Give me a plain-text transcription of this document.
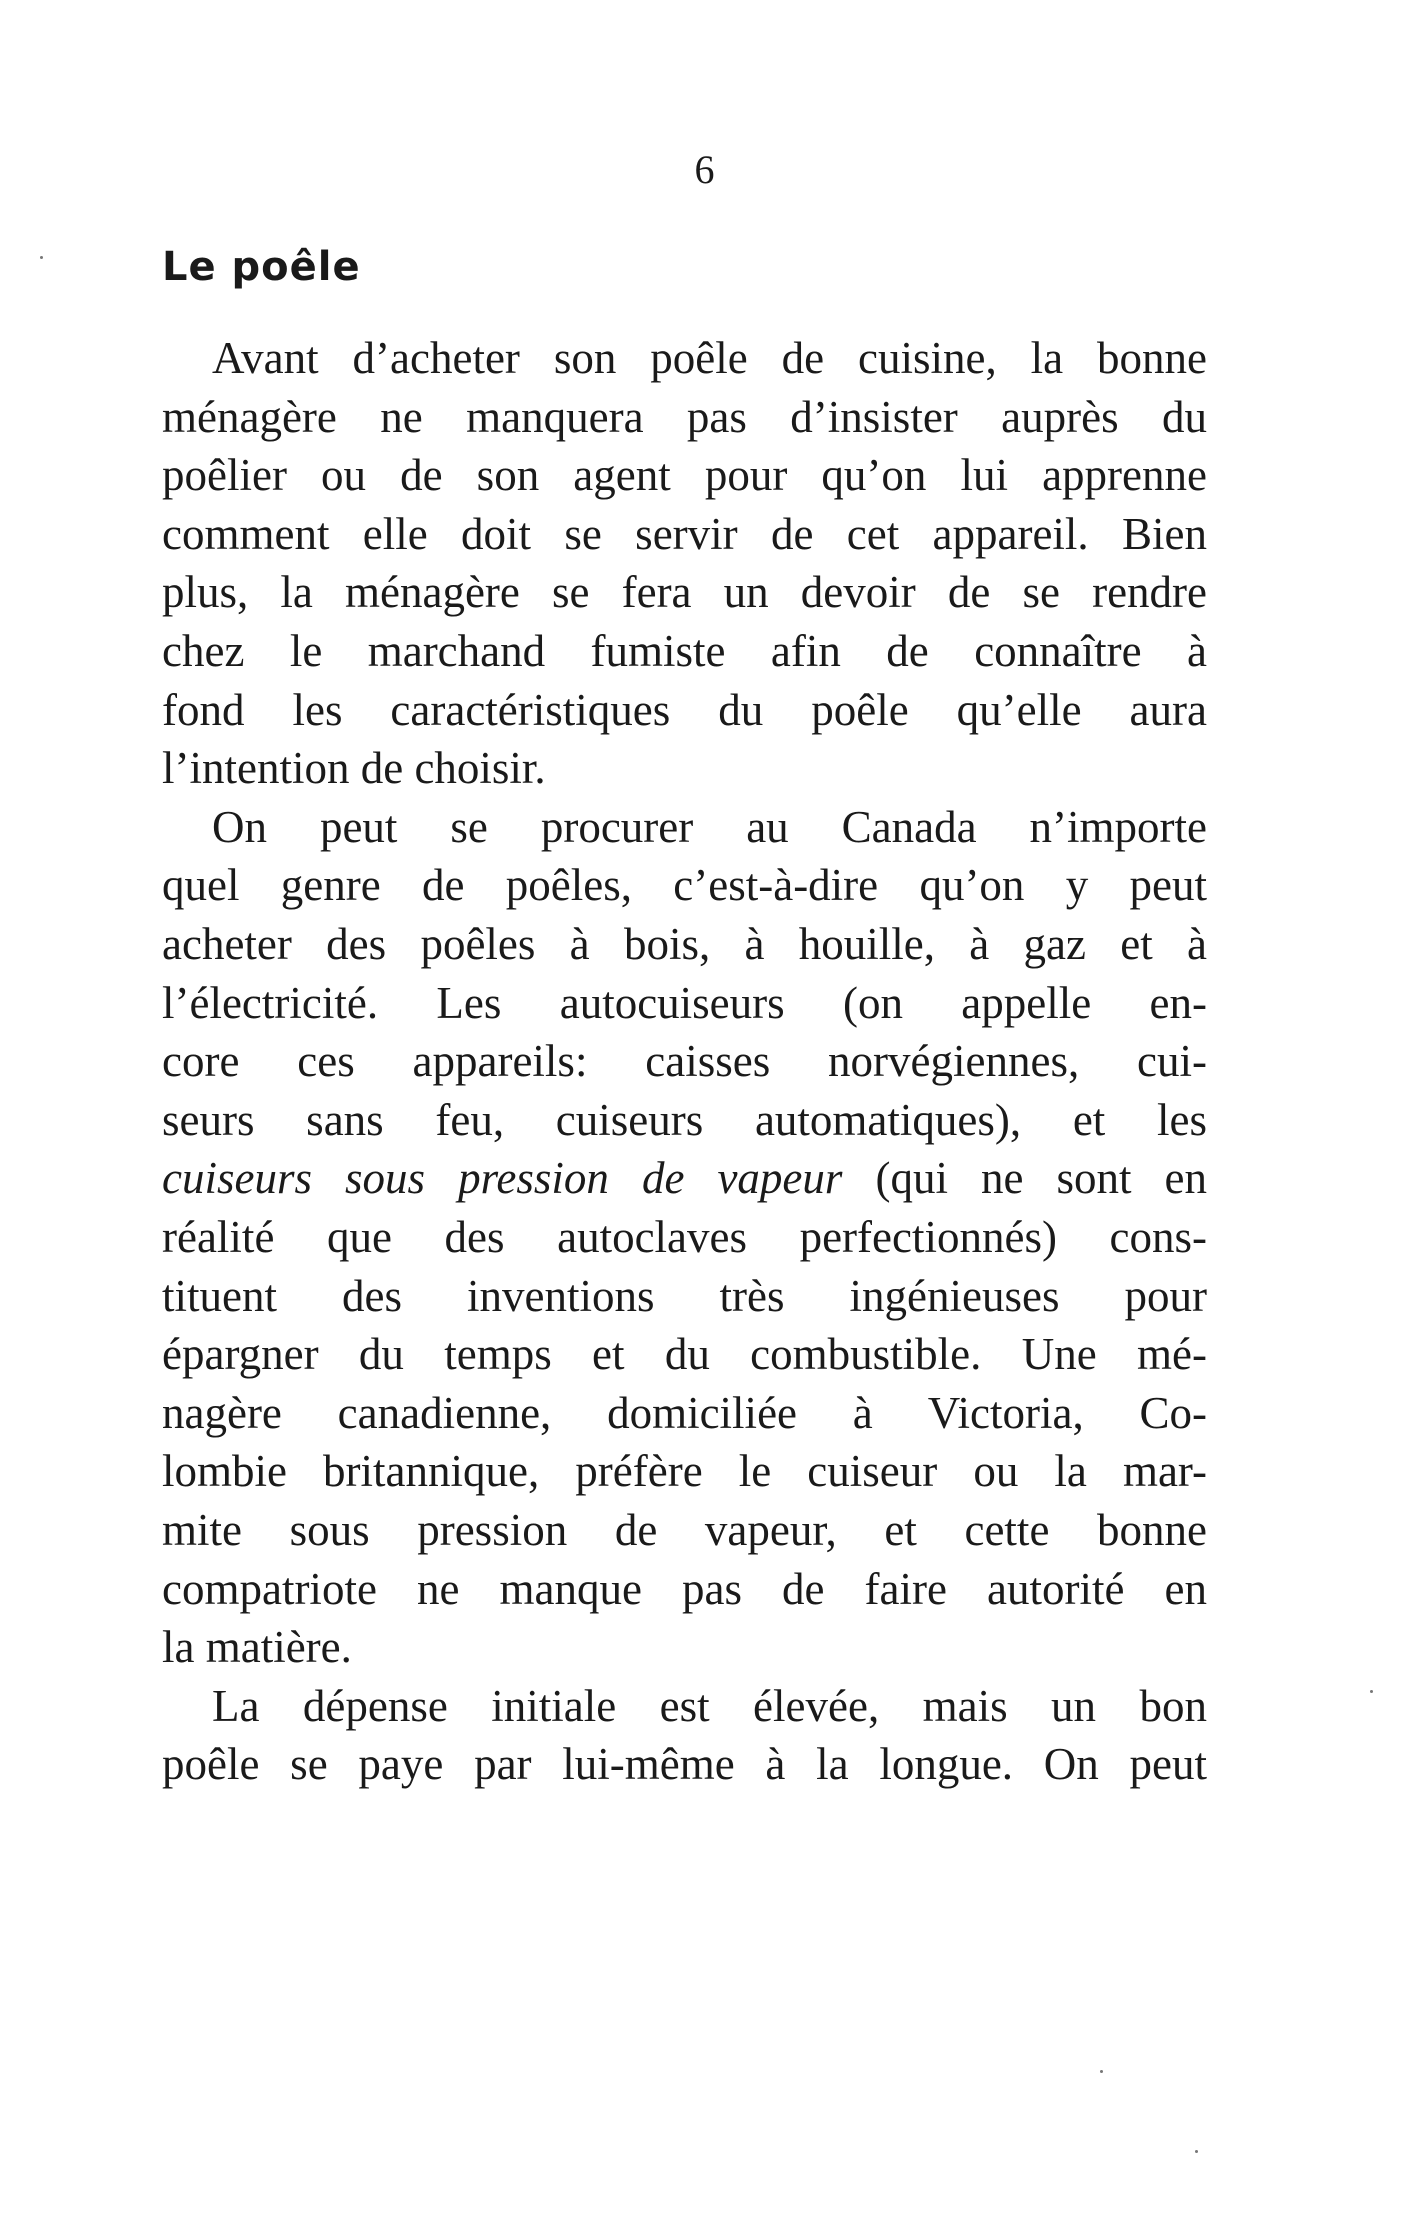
6
Le poêle
Avant d’acheter son poêle de cuisine, la bonne
ménagère ne manquera pas d’insister auprès du
poêlier ou de son agent pour qu’on lui apprenne
comment elle doit se servir de cet appareil. Bien
plus, la ménagère se fera un devoir de se rendre
chez le marchand fumiste afin de connaître à
fond les caractéristiques du poêle qu’elle aura
l’intention de choisir.
On peut se procurer au Canada n’importe
quel genre de poêles, c’est-à-dire qu’on y peut
acheter des poêles à bois, à houille, à gaz et à
l’électricité. Les autocuiseurs (on appelle en-
core ces appareils: caisses norvégiennes, cui-
seurs sans feu, cuiseurs automatiques), et les
cuiseurs sous pression de vapeur (qui ne sont en
réalité que des autoclaves perfectionnés) cons-
tituent des inventions très ingénieuses pour
épargner du temps et du combustible. Une mé-
nagère canadienne, domiciliée à Victoria, Co-
lombie britannique, préfère le cuiseur ou la mar-
mite sous pression de vapeur, et cette bonne
compatriote ne manque pas de faire autorité en
la matière.
La dépense initiale est élevée, mais un bon
poêle se paye par lui-même à la longue. On peut
